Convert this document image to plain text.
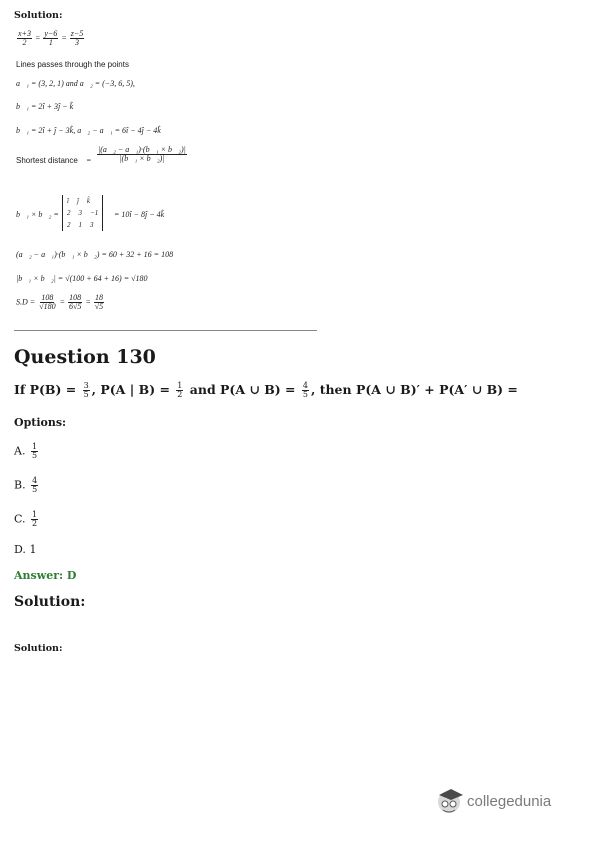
Solution:
$\frac{x+3}{2} = \frac{y-6}{1} = \frac{z-5}{3}$
Lines passes through the points
a⃗₁ = (3, 2, 1) and a⃗₂ = (−3, 6, 5),
b⃗₁ = 2î + 3ĵ − k̂
b⃗₁ = 2î + ĵ − 3k̂, a⃗₂ − a⃗₁ = 6î − 4ĵ − 4k̂
Shortest distance = $\frac{\text{|(a⃗₂ − a⃗₁)·(b⃗₁ × b⃗₂)|}}{\text{|(b⃗₁ × b⃗₂)|}}$
b⃗₁ × b⃗₂ =
î ĵ k̂
2 3 −1
2 1 3
= 10î − 8ĵ − 4k̂
(a⃗₂ − a⃗₁)·(b⃗₁ × b⃗₂) = 60 + 32 + 16 = 108
|b⃗₁ × b⃗₂| = √(100 + 64 + 16) = √180
$S.D = \frac{108}{√180} = \frac{108}{6√5} = \frac{18}{√5}$
Question 130
If $P(B) = \frac{3}{5}$ , P(A | $B) = \frac{1}{2}$ and P(A ∪ $B) = \frac{4}{5}$ , then P(A ∪ B)′ + P(A′ ∪ B) =
Options:
A. $\frac{1}{5}$
B. $\frac{4}{5}$
C. $\frac{1}{2}$
D. 1
Answer: D
Solution:
Solution:
collegedunia
